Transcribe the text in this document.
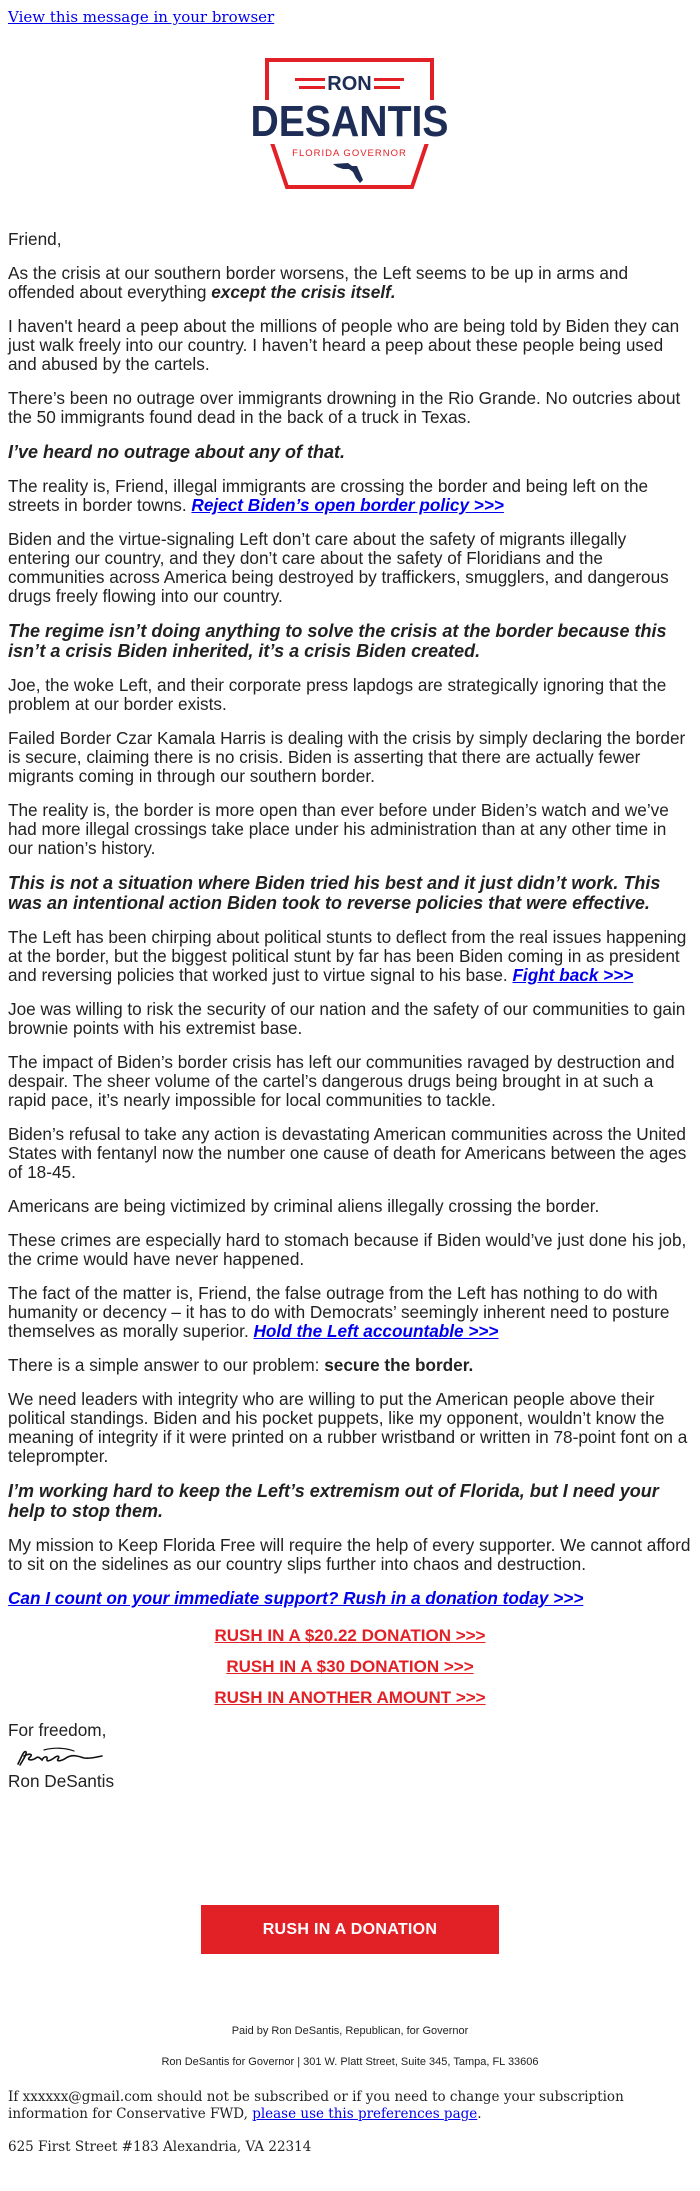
View this message in your browser
RON
DESANTIS
FLORIDA GOVERNOR

Friend,

As the crisis at our southern border worsens, the Left seems to be up in arms and offended about everything except the crisis itself.

I haven't heard a peep about the millions of people who are being told by Biden they can just walk freely into our country. I haven’t heard a peep about these people being used and abused by the cartels.

There’s been no outrage over immigrants drowning in the Rio Grande. No outcries about the 50 immigrants found dead in the back of a truck in Texas.

I’ve heard no outrage about any of that.

The reality is, Friend, illegal immigrants are crossing the border and being left on the streets in border towns. Reject Biden’s open border policy >>>

Biden and the virtue-signaling Left don’t care about the safety of migrants illegally entering our country, and they don’t care about the safety of Floridians and the communities across America being destroyed by traffickers, smugglers, and dangerous drugs freely flowing into our country.

The regime isn’t doing anything to solve the crisis at the border because this isn’t a crisis Biden inherited, it’s a crisis Biden created.

Joe, the woke Left, and their corporate press lapdogs are strategically ignoring that the problem at our border exists.

Failed Border Czar Kamala Harris is dealing with the crisis by simply declaring the border is secure, claiming there is no crisis. Biden is asserting that there are actually fewer migrants coming in through our southern border.

The reality is, the border is more open than ever before under Biden’s watch and we’ve had more illegal crossings take place under his administration than at any other time in our nation’s history.

This is not a situation where Biden tried his best and it just didn’t work. This was an intentional action Biden took to reverse policies that were effective.

The Left has been chirping about political stunts to deflect from the real issues happening at the border, but the biggest political stunt by far has been Biden coming in as president and reversing policies that worked just to virtue signal to his base. Fight back >>>

Joe was willing to risk the security of our nation and the safety of our communities to gain brownie points with his extremist base.

The impact of Biden’s border crisis has left our communities ravaged by destruction and despair. The sheer volume of the cartel’s dangerous drugs being brought in at such a rapid pace, it’s nearly impossible for local communities to tackle.

Biden’s refusal to take any action is devastating American communities across the United States with fentanyl now the number one cause of death for Americans between the ages of 18-45.

Americans are being victimized by criminal aliens illegally crossing the border.

These crimes are especially hard to stomach because if Biden would’ve just done his job, the crime would have never happened.

The fact of the matter is, Friend, the false outrage from the Left has nothing to do with humanity or decency – it has to do with Democrats’ seemingly inherent need to posture themselves as morally superior. Hold the Left accountable >>>

There is a simple answer to our problem: secure the border.

We need leaders with integrity who are willing to put the American people above their political standings. Biden and his pocket puppets, like my opponent, wouldn’t know the meaning of integrity if it were printed on a rubber wristband or written in 78-point font on a teleprompter.

I’m working hard to keep the Left’s extremism out of Florida, but I need your help to stop them.

My mission to Keep Florida Free will require the help of every supporter. We cannot afford to sit on the sidelines as our country slips further into chaos and destruction.

Can I count on your immediate support? Rush in a donation today >>>

RUSH IN A $20.22 DONATION >>>
RUSH IN A $30 DONATION >>>
RUSH IN ANOTHER AMOUNT >>>
For freedom,
Ron DeSantis
RUSH IN A DONATION
Paid by Ron DeSantis, Republican, for Governor
Ron DeSantis for Governor | 301 W. Platt Street, Suite 345, Tampa, FL 33606
If xxxxxx@gmail.com should not be subscribed or if you need to change your subscription information for Conservative FWD, please use this preferences page.
625 First Street #183 Alexandria, VA 22314
